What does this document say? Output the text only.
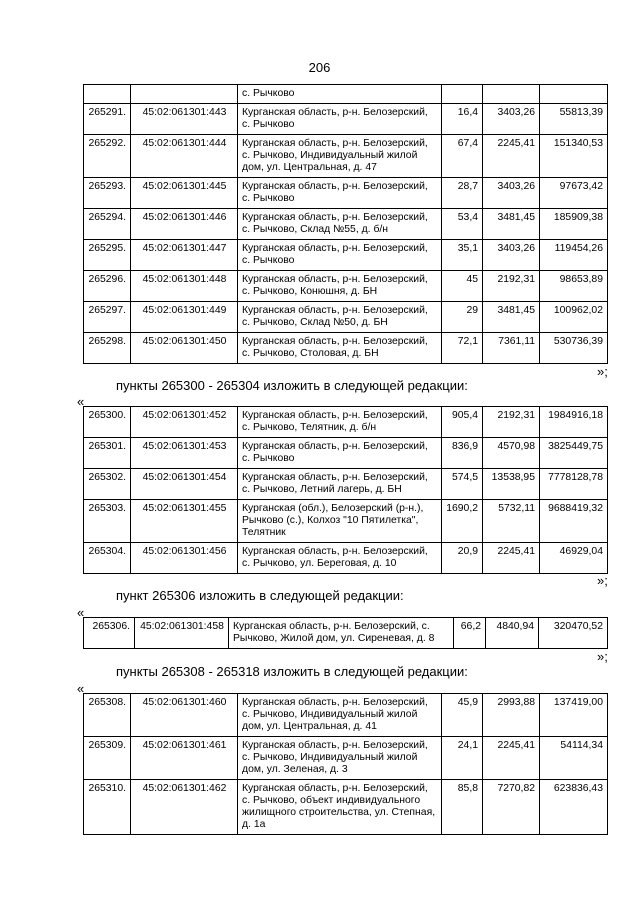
206
		с. Рычково			
265291.	45:02:061301:443	Курганская область, р-н. Белозерский, с. Рычково	16,4	3403,26	55813,39
265292.	45:02:061301:444	Курганская область, р-н. Белозерский, с. Рычково, Индивидуальный жилой дом, ул. Центральная, д. 47	67,4	2245,41	151340,53
265293.	45:02:061301:445	Курганская область, р-н. Белозерский, с. Рычково	28,7	3403,26	97673,42
265294.	45:02:061301:446	Курганская область, р-н. Белозерский, с. Рычково, Склад №55, д. б/н	53,4	3481,45	185909,38
265295.	45:02:061301:447	Курганская область, р-н. Белозерский, с. Рычково	35,1	3403,26	119454,26
265296.	45:02:061301:448	Курганская область, р-н. Белозерский, с. Рычково, Конюшня, д. БН	45	2192,31	98653,89
265297.	45:02:061301:449	Курганская область, р-н. Белозерский, с. Рычково, Склад №50, д. БН	29	3481,45	100962,02
265298.	45:02:061301:450	Курганская область, р-н. Белозерский, с. Рычково, Столовая, д. БН	72,1	7361,11	530736,39
»;
пункты 265300 - 265304 изложить в следующей редакции:
«
265300.	45:02:061301:452	Курганская область, р-н. Белозерский, с. Рычково, Телятник, д. б/н	905,4	2192,31	1984916,18
265301.	45:02:061301:453	Курганская область, р-н. Белозерский, с. Рычково	836,9	4570,98	3825449,75
265302.	45:02:061301:454	Курганская область, р-н. Белозерский, с. Рычково, Летний лагерь, д. БН	574,5	13538,95	7778128,78
265303.	45:02:061301:455	Курганская (обл.), Белозерский (р-н.), Рычково (с.), Колхоз "10 Пятилетка", Телятник	1690,2	5732,11	9688419,32
265304.	45:02:061301:456	Курганская область, р-н. Белозерский, с. Рычково, ул. Береговая, д. 10	20,9	2245,41	46929,04
»;
пункт 265306 изложить в следующей редакции:
«
265306.	45:02:061301:458	Курганская область, р-н. Белозерский, с. Рычково, Жилой дом, ул. Сиреневая, д. 8	66,2	4840,94	320470,52
»;
пункты 265308 - 265318 изложить в следующей редакции:
«
265308.	45:02:061301:460	Курганская область, р-н. Белозерский, с. Рычково, Индивидуальный жилой дом, ул. Центральная, д. 41	45,9	2993,88	137419,00
265309.	45:02:061301:461	Курганская область, р-н. Белозерский, с. Рычково, Индивидуальный жилой дом, ул. Зеленая, д. 3	24,1	2245,41	54114,34
265310.	45:02:061301:462	Курганская область, р-н. Белозерский, с. Рычково, объект индивидуального жилищного строительства, ул. Степная, д. 1а	85,8	7270,82	623836,43
